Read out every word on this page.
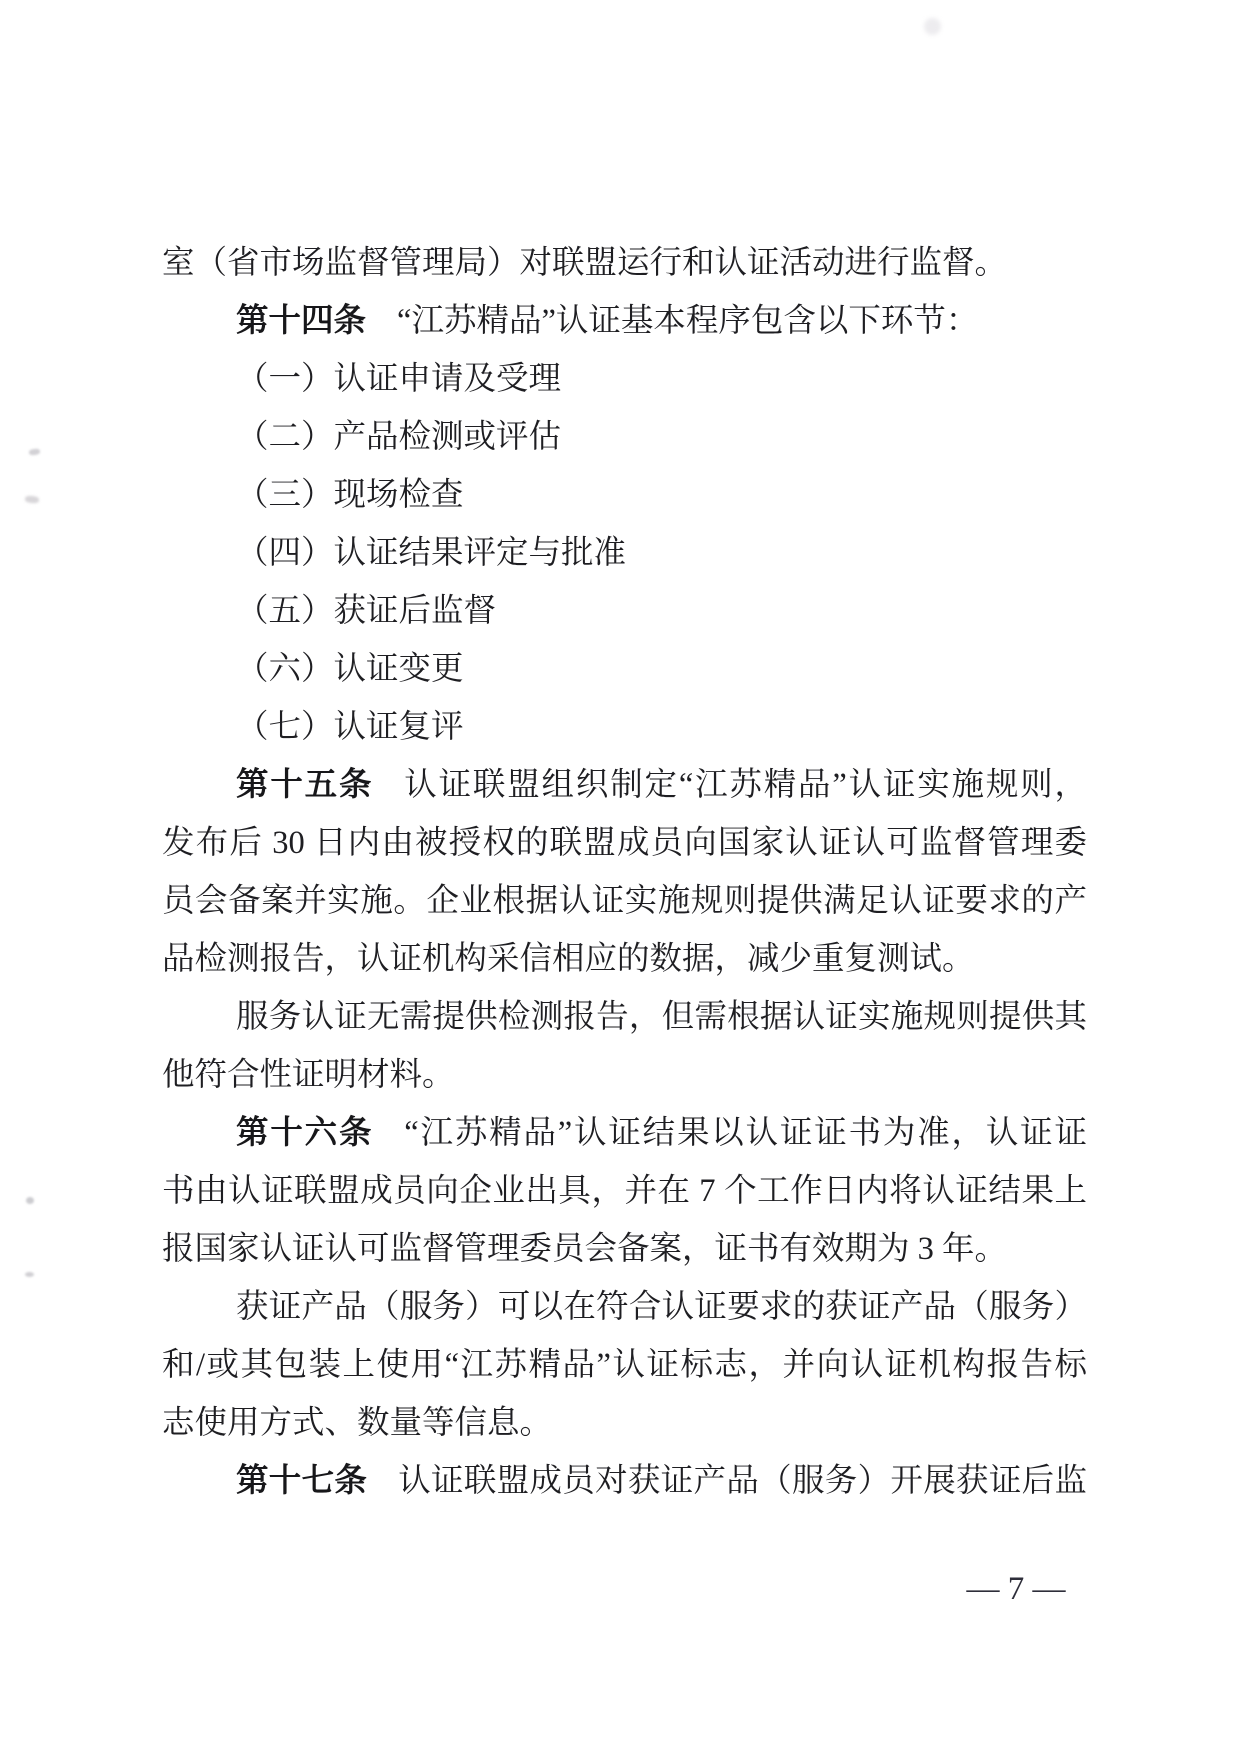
室（省市场监督管理局）对联盟运行和认证活动进行监督。
第十四条 “江苏精品”认证基本程序包含以下环节：
（一）认证申请及受理
（二）产品检测或评估
（三）现场检查
（四）认证结果评定与批准
（五）获证后监督
（六）认证变更
（七）认证复评
第十五条 认证联盟组织制定“江苏精品”认证实施规则，
发布后 30 日内由被授权的联盟成员向国家认证认可监督管理委
员会备案并实施。企业根据认证实施规则提供满足认证要求的产
品检测报告，认证机构采信相应的数据，减少重复测试。
服务认证无需提供检测报告，但需根据认证实施规则提供其
他符合性证明材料。
第十六条 “江苏精品”认证结果以认证证书为准，认证证
书由认证联盟成员向企业出具，并在 7 个工作日内将认证结果上
报国家认证认可监督管理委员会备案，证书有效期为 3 年。
获证产品（服务）可以在符合认证要求的获证产品（服务）
和/或其包装上使用“江苏精品”认证标志，并向认证机构报告标
志使用方式、数量等信息。
第十七条 认证联盟成员对获证产品（服务）开展获证后监
— 7 —
